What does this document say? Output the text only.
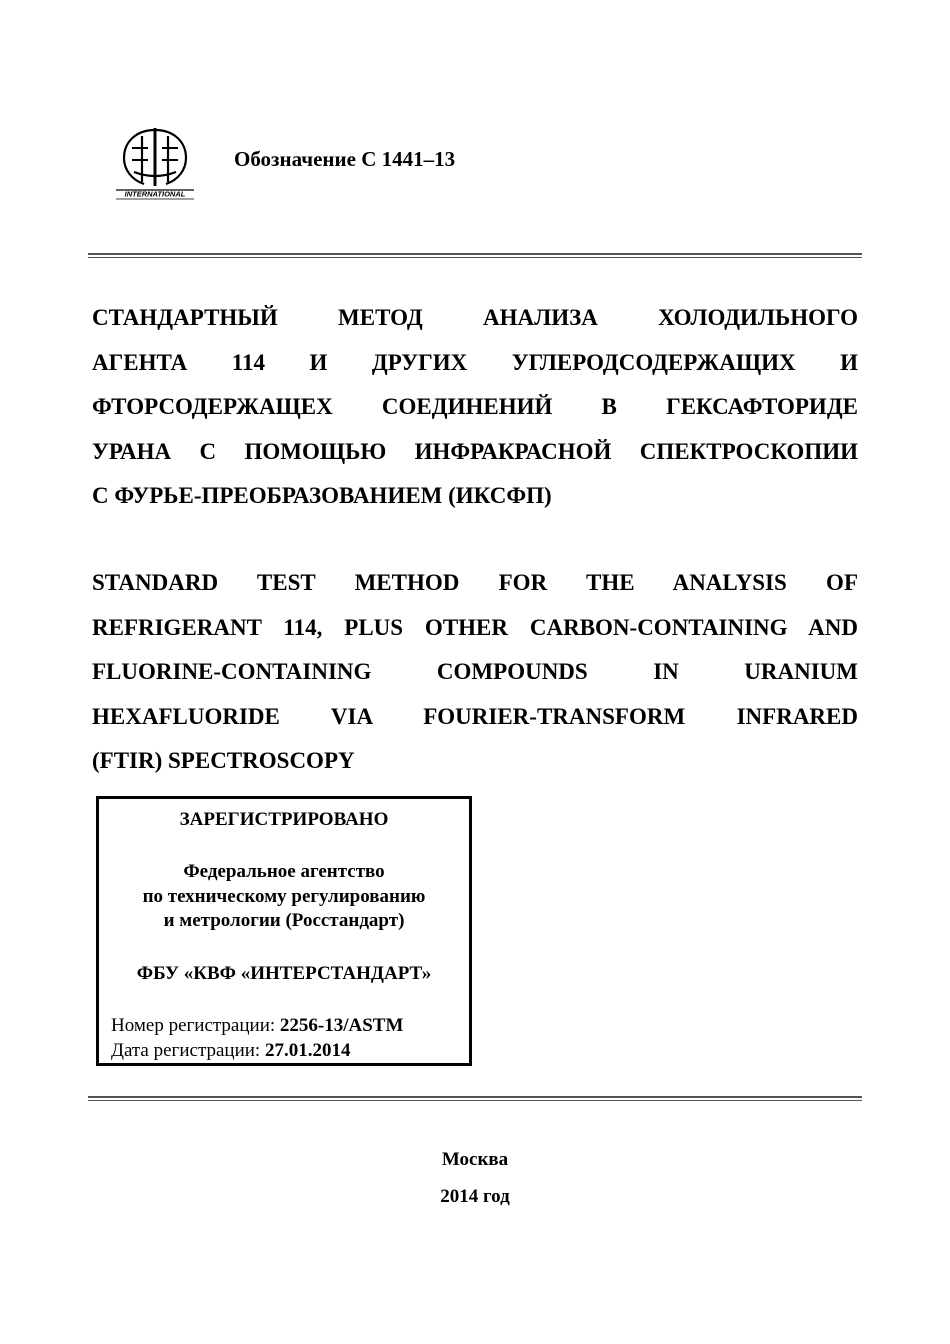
INTERNATIONAL
Обозначение С 1441–13
СТАНДАРТНЫЙ МЕТОД АНАЛИЗА ХОЛОДИЛЬНОГО
АГЕНТА 114 И ДРУГИХ УГЛЕРОДСОДЕРЖАЩИХ И
ФТОРСОДЕРЖАЩЕХ СОЕДИНЕНИЙ В ГЕКСАФТОРИДЕ
УРАНА С ПОМОЩЬЮ ИНФРАКРАСНОЙ СПЕКТРОСКОПИИ
С ФУРЬЕ-ПРЕОБРАЗОВАНИЕМ (ИКСФП)
STANDARD TEST METHOD FOR THE ANALYSIS OF
REFRIGERANT 114, PLUS OTHER CARBON-CONTAINING AND
FLUORINE-CONTAINING COMPOUNDS IN URANIUM
HEXAFLUORIDE VIA FOURIER-TRANSFORM INFRARED
(FTIR) SPECTROSCOPY
ЗАРЕГИСТРИРОВАНО
Федеральное агентство
по техническому регулированию
и метрологии (Росстандарт)
ФБУ «КВФ «ИНТЕРСТАНДАРТ»
Номер регистрации: 2256-13/ASTM
Дата регистрации: 27.01.2014
Москва
2014 год
